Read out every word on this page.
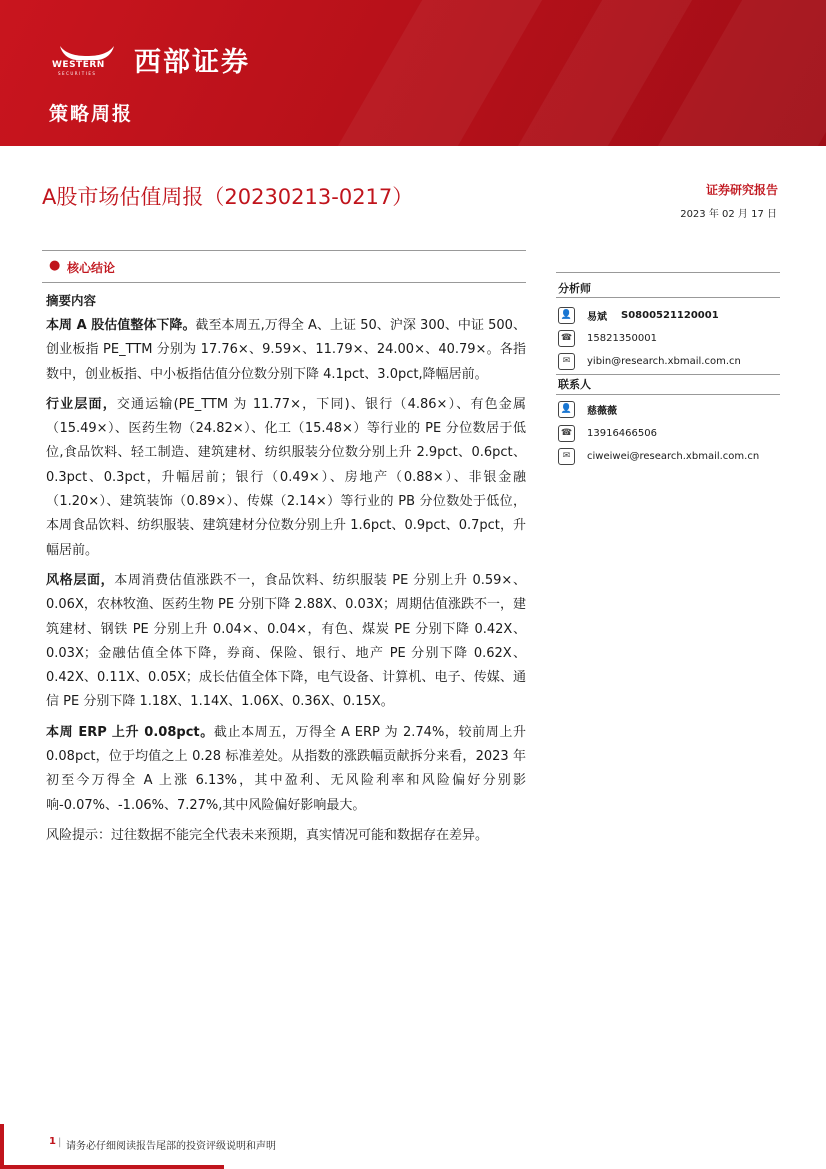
WESTERN
SECURITIES 西部证券
策略周报
A股市场估值周报（20230213-0217）	证券研究报告
2023 年 02 月 17 日
● 核心结论
摘要内容

本周 A 股估值整体下降。截至本周五,万得全 A、上证 50、沪深 300、中证 500、创业板指 PE_TTM 分别为 17.76×、9.59×、11.79×、24.00×、40.79×。各指数中，创业板指、中小板指估值分位数分别下降 4.1pct、3.0pct,降幅居前。

行业层面，交通运输(PE_TTM 为 11.77×，下同)、银行（4.86×）、有色金属（15.49×）、医药生物（24.82×）、化工（15.48×）等行业的 PE 分位数居于低位,食品饮料、轻工制造、建筑建材、纺织服装分位数分别上升 2.9pct、0.6pct、0.3pct、0.3pct，升幅居前；银行（0.49×）、房地产（0.88×）、非银金融（1.20×）、建筑装饰（0.89×）、传媒（2.14×）等行业的 PB 分位数处于低位，本周食品饮料、纺织服装、建筑建材分位数分别上升 1.6pct、0.9pct、0.7pct，升幅居前。

风格层面，本周消费估值涨跌不一，食品饮料、纺织服装 PE 分别上升 0.59×、0.06X，农林牧渔、医药生物 PE 分别下降 2.88X、0.03X；周期估值涨跌不一，建筑建材、钢铁 PE 分别上升 0.04×、0.04×，有色、煤炭 PE 分别下降 0.42X、0.03X；金融估值全体下降，券商、保险、银行、地产 PE 分别下降 0.62X、0.42X、0.11X、0.05X；成长估值全体下降，电气设备、计算机、电子、传媒、通信 PE 分别下降 1.18X、1.14X、1.06X、0.36X、0.15X。

本周 ERP 上升 0.08pct。截止本周五，万得全 A ERP 为 2.74%，较前周上升 0.08pct，位于均值之上 0.28 标准差处。从指数的涨跌幅贡献拆分来看，2023 年初至今万得全 A 上涨 6.13%，其中盈利、无风险利率和风险偏好分别影响-0.07%、-1.06%、7.27%,其中风险偏好影响最大。

风险提示：过往数据不能完全代表未来预期，真实情况可能和数据存在差异。

分析师
👤 易斌 S0800521120001
☎ 15821350001
✉	yibin@research.xbmail.com.cn
联系人
👤 慈薇薇
☎ 13916466506
✉	ciweiwei@research.xbmail.com.cn
1 | 请务必仔细阅读报告尾部的投资评级说明和声明
